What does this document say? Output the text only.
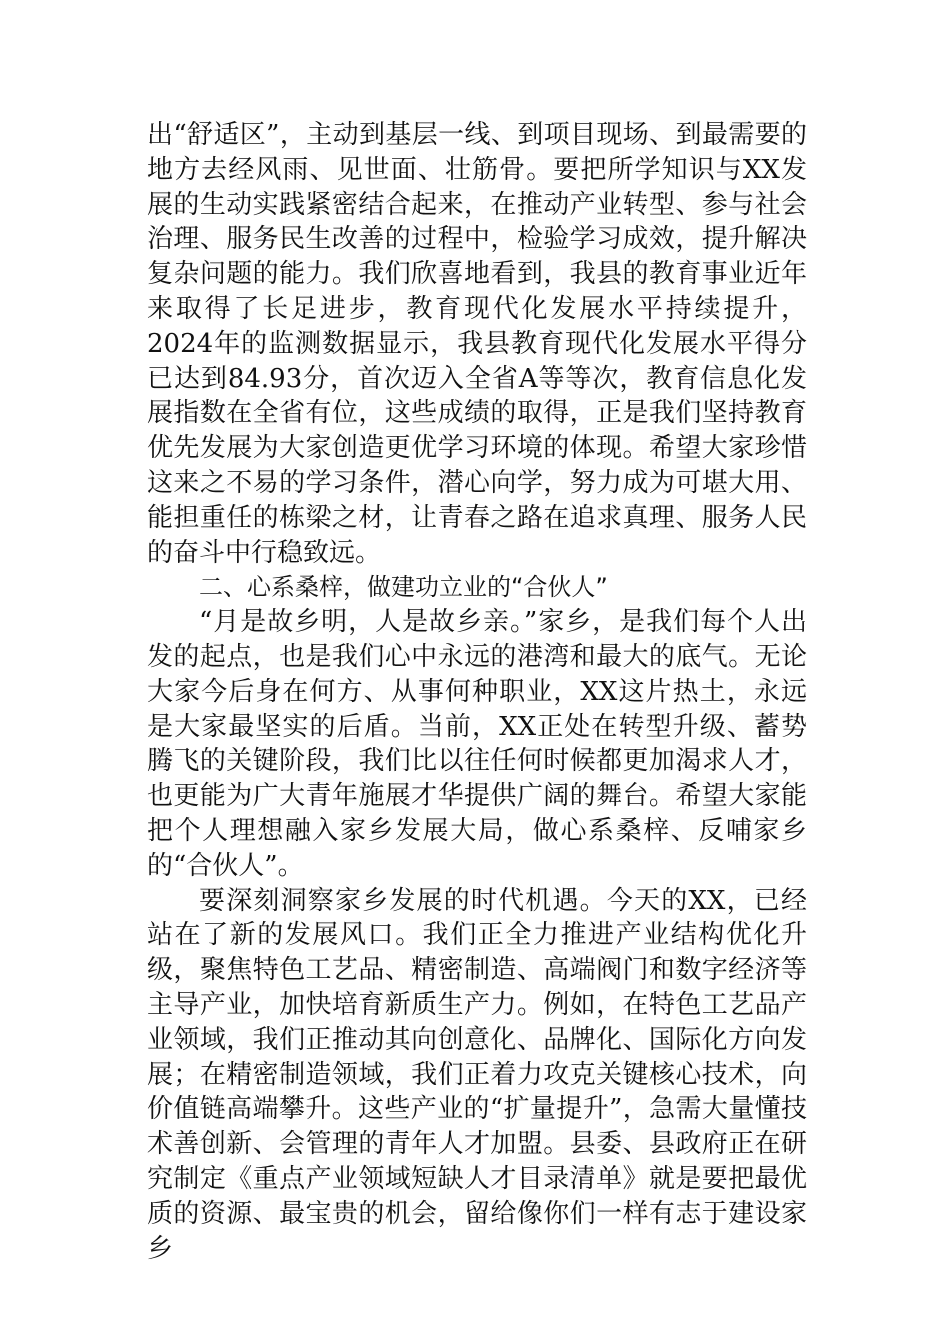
出“舒适区”，主动到基层一线、到项目现场、到最需要的地方去经风雨、见世面、壮筋骨。要把所学知识与XX发展的生动实践紧密结合起来，在推动产业转型、参与社会治理、服务民生改善的过程中，检验学习成效，提升解决复杂问题的能力。我们欣喜地看到，我县的教育事业近年来取得了长足进步，教育现代化发展水平持续提升，2024年的监测数据显示，我县教育现代化发展水平得分已达到84.93分，首次迈入全省A等等次，教育信息化发展指数在全省有位，这些成绩的取得，正是我们坚持教育优先发展为大家创造更优学习环境的体现。希望大家珍惜这来之不易的学习条件，潜心向学，努力成为可堪大用、能担重任的栋梁之材，让青春之路在追求真理、服务人民的奋斗中行稳致远。

二、心系桑梓，做建功立业的“合伙人”

“月是故乡明，人是故乡亲。”家乡，是我们每个人出发的起点，也是我们心中永远的港湾和最大的底气。无论大家今后身在何方、从事何种职业，XX这片热土，永远是大家最坚实的后盾。当前，XX正处在转型升级、蓄势腾飞的关键阶段，我们比以往任何时候都更加渴求人才，也更能为广大青年施展才华提供广阔的舞台。希望大家能把个人理想融入家乡发展大局，做心系桑梓、反哺家乡的“合伙人”。

要深刻洞察家乡发展的时代机遇。今天的XX，已经站在了新的发展风口。我们正全力推进产业结构优化升级，聚焦特色工艺品、精密制造、高端阀门和数字经济等主导产业，加快培育新质生产力。例如，在特色工艺品产业领域，我们正推动其向创意化、品牌化、国际化方向发展；在精密制造领域，我们正着力攻克关键核心技术，向价值链高端攀升。这些产业的“扩量提升”，急需大量懂技术善创新、会管理的青年人才加盟。县委、县政府正在研究制定《重点产业领域短缺人才目录清单》就是要把最优质的资源、最宝贵的机会，留给像你们一样有志于建设家乡
